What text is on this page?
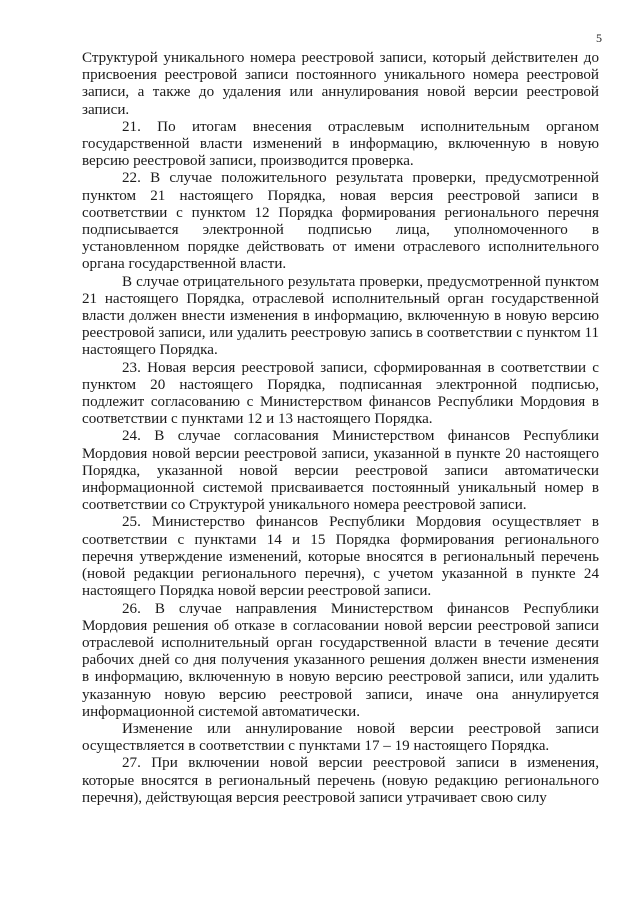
5

Структурой уникального номера реестровой записи, который действителен до присвоения реестровой записи постоянного уникального номера реестровой записи, а также до удаления или аннулирования новой версии реестровой записи.

21. По итогам внесения отраслевым исполнительным органом государственной власти изменений в информацию, включенную в новую версию реестровой записи, производится проверка.

22. В случае положительного результата проверки, предусмотренной пунктом 21 настоящего Порядка, новая версия реестровой записи в соответствии с пунктом 12 Порядка формирования регионального перечня подписывается электронной подписью лица, уполномоченного в установленном порядке действовать от имени отраслевого исполнительного органа государственной власти.

В случае отрицательного результата проверки, предусмотренной пунктом 21 настоящего Порядка, отраслевой исполнительный орган государственной власти должен внести изменения в информацию, включенную в новую версию реестровой записи, или удалить реестровую запись в соответствии с пунктом 11 настоящего Порядка.

23. Новая версия реестровой записи, сформированная в соответствии с пунктом 20 настоящего Порядка, подписанная электронной подписью, подлежит согласованию с Министерством финансов Республики Мордовия в соответствии с пунктами 12 и 13 настоящего Порядка.

24. В случае согласования Министерством финансов Республики Мордовия новой версии реестровой записи, указанной в пункте 20 настоящего Порядка, указанной новой версии реестровой записи автоматически информационной системой присваивается постоянный уникальный номер в соответствии со Структурой уникального номера реестровой записи.

25. Министерство финансов Республики Мордовия осуществляет в соответствии с пунктами 14 и 15 Порядка формирования регионального перечня утверждение изменений, которые вносятся в региональный перечень (новой редакции регионального перечня), с учетом указанной в пункте 24 настоящего Порядка новой версии реестровой записи.

26. В случае направления Министерством финансов Республики Мордовия решения об отказе в согласовании новой версии реестровой записи отраслевой исполнительный орган государственной власти в течение десяти рабочих дней со дня получения указанного решения должен внести изменения в информацию, включенную в новую версию реестровой записи, или удалить указанную новую версию реестровой записи, иначе она аннулируется информационной системой автоматически.

Изменение или аннулирование новой версии реестровой записи осуществляется в соответствии с пунктами 17 – 19 настоящего Порядка.

27. При включении новой версии реестровой записи в изменения, которые вносятся в региональный перечень (новую редакцию регионального перечня), действующая версия реестровой записи утрачивает свою силу
